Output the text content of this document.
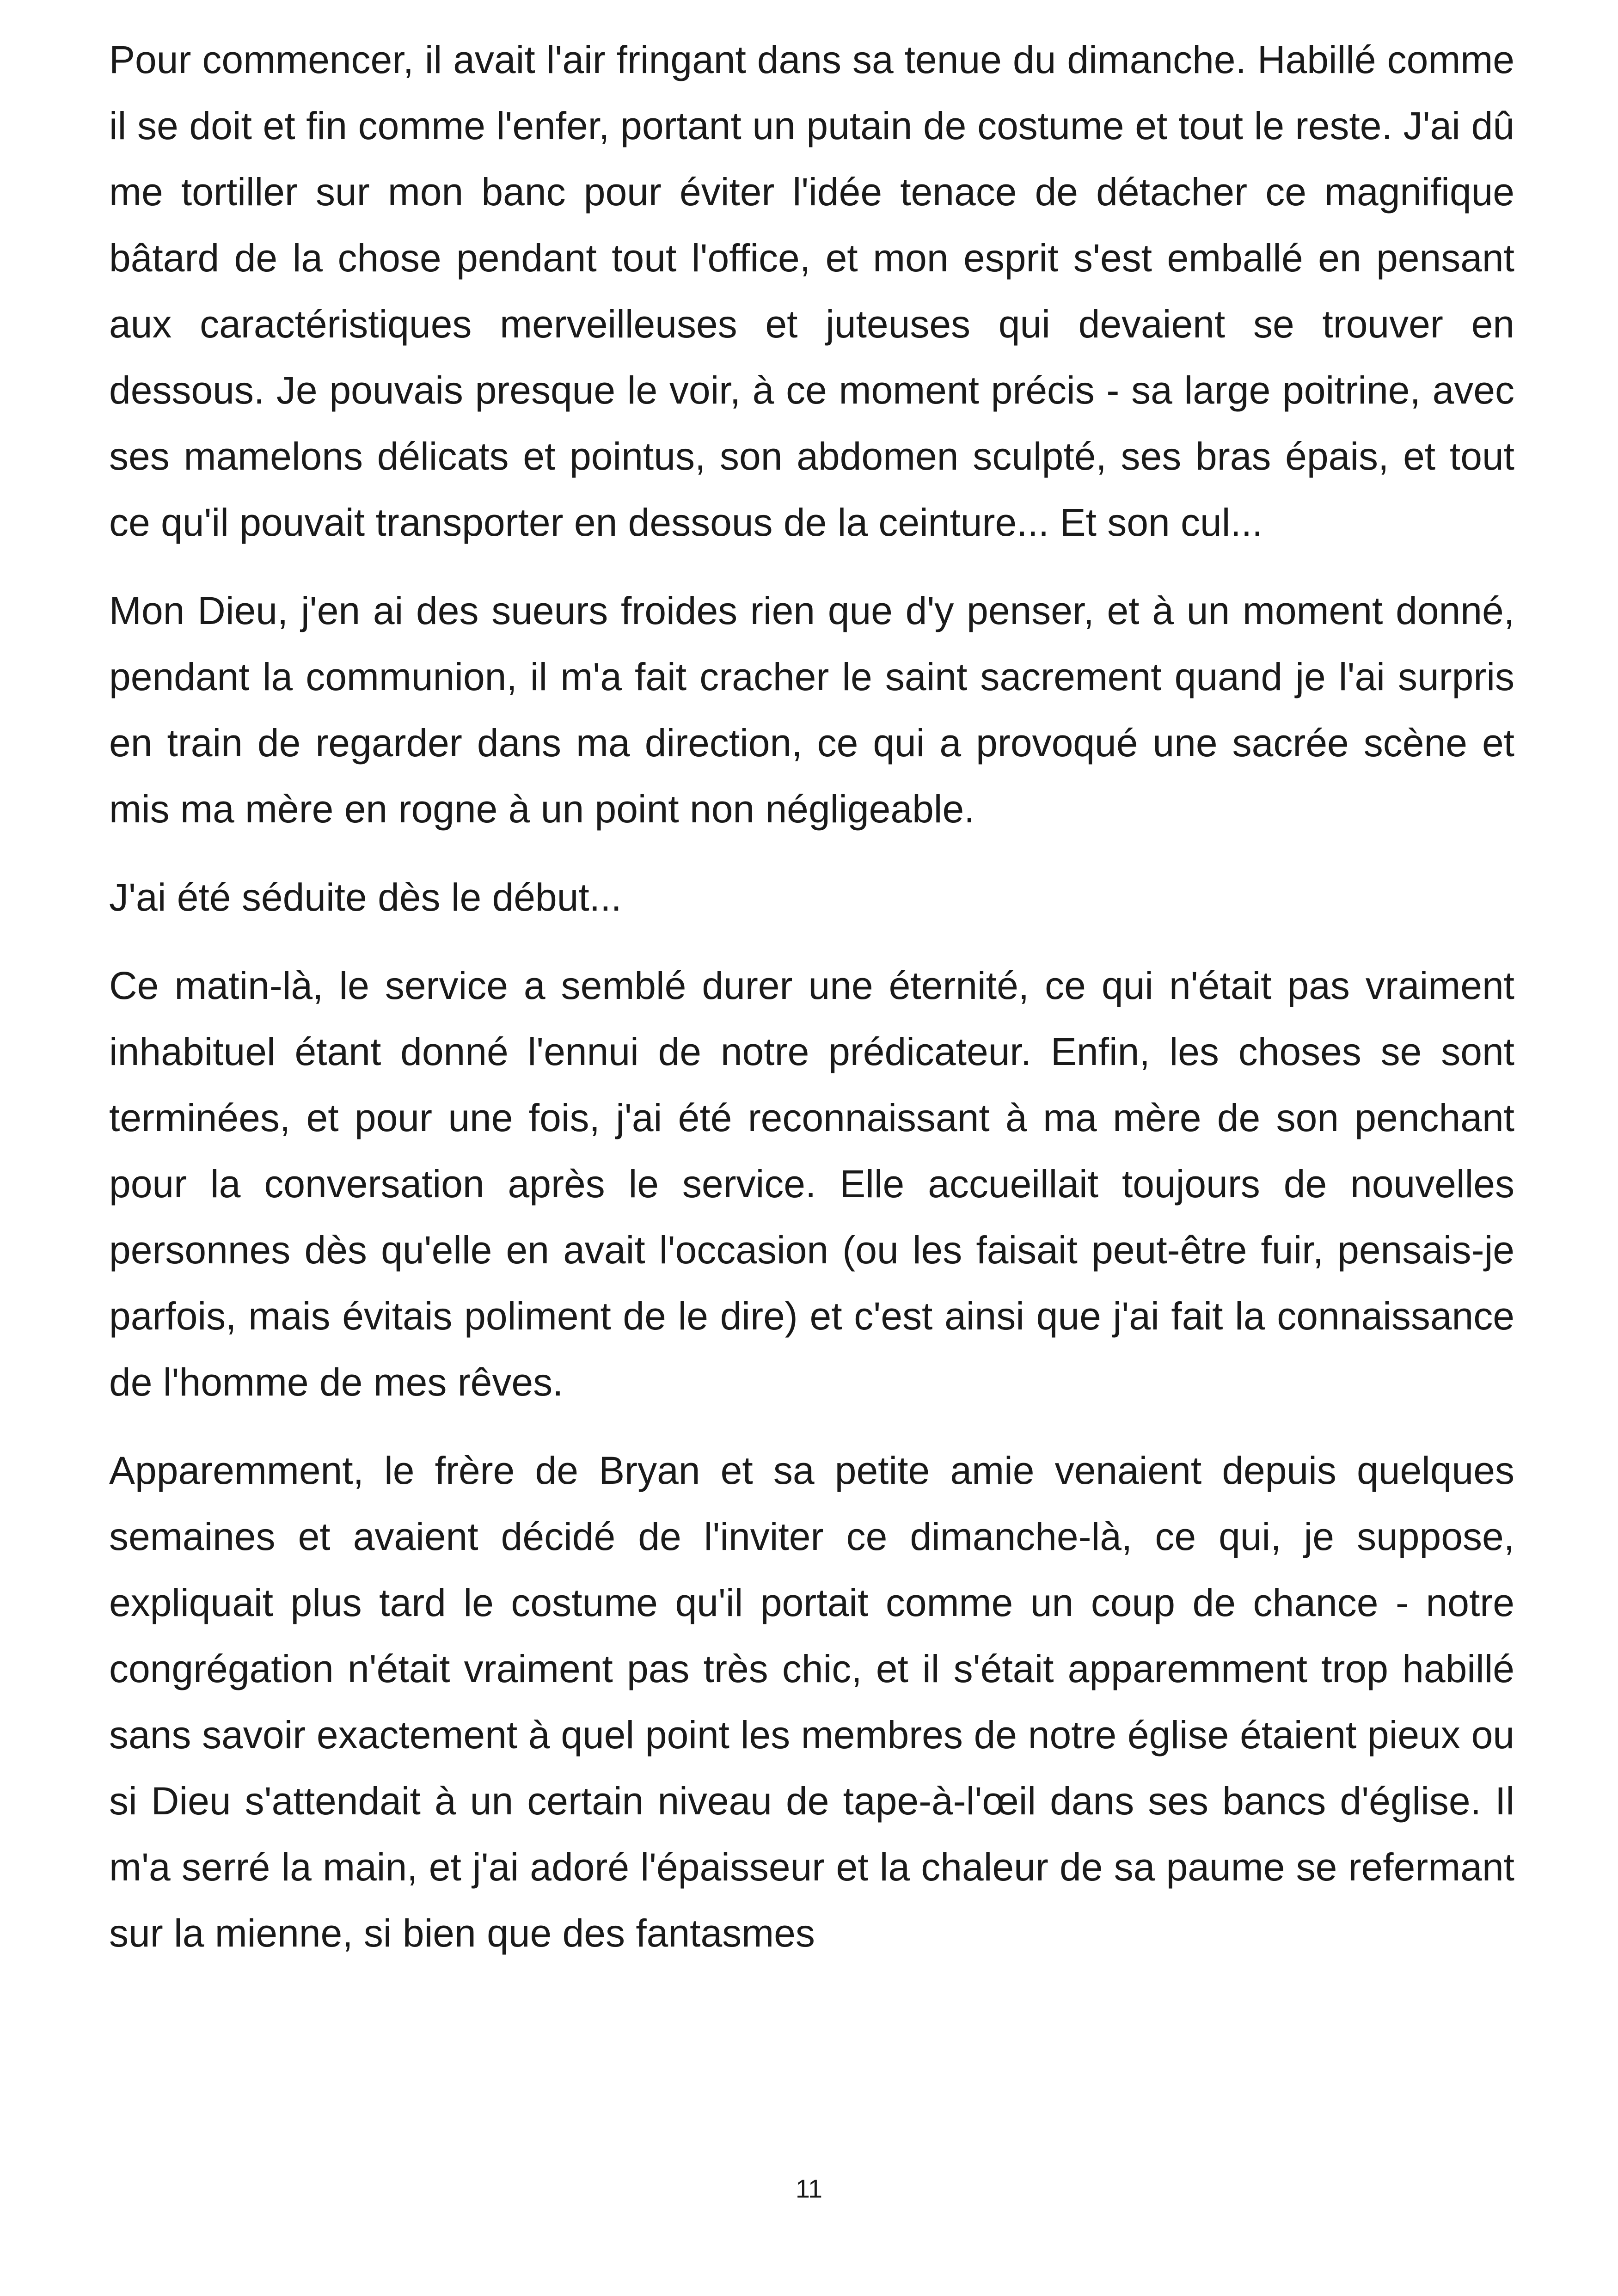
Pour commencer, il avait l'air fringant dans sa tenue du dimanche. Habillé comme il se doit et fin comme l'enfer, portant un putain de costume et tout le reste. J'ai dû me tortiller sur mon banc pour éviter l'idée tenace de détacher ce magnifique bâtard de la chose pendant tout l'office, et mon esprit s'est emballé en pensant aux caractéristiques merveilleuses et juteuses qui devaient se trouver en dessous. Je pouvais presque le voir, à ce moment précis - sa large poitrine, avec ses mamelons délicats et pointus, son abdomen sculpté, ses bras épais, et tout ce qu'il pouvait transporter en dessous de la ceinture... Et son cul...

Mon Dieu, j'en ai des sueurs froides rien que d'y penser, et à un moment donné, pendant la communion, il m'a fait cracher le saint sacrement quand je l'ai surpris en train de regarder dans ma direction, ce qui a provoqué une sacrée scène et mis ma mère en rogne à un point non négligeable.

J'ai été séduite dès le début...

Ce matin-là, le service a semblé durer une éternité, ce qui n'était pas vraiment inhabituel étant donné l'ennui de notre prédicateur. Enfin, les choses se sont terminées, et pour une fois, j'ai été reconnaissant à ma mère de son penchant pour la conversation après le service. Elle accueillait toujours de nouvelles personnes dès qu'elle en avait l'occasion (ou les faisait peut-être fuir, pensais-je parfois, mais évitais poliment de le dire) et c'est ainsi que j'ai fait la connaissance de l'homme de mes rêves.

Apparemment, le frère de Bryan et sa petite amie venaient depuis quelques semaines et avaient décidé de l'inviter ce dimanche-là, ce qui, je suppose, expliquait plus tard le costume qu'il portait comme un coup de chance - notre congrégation n'était vraiment pas très chic, et il s'était apparemment trop habillé sans savoir exactement à quel point les membres de notre église étaient pieux ou si Dieu s'attendait à un certain niveau de tape-à-l'œil dans ses bancs d'église. Il m'a serré la main, et j'ai adoré l'épaisseur et la chaleur de sa paume se refermant sur la mienne, si bien que des fantasmes

11
